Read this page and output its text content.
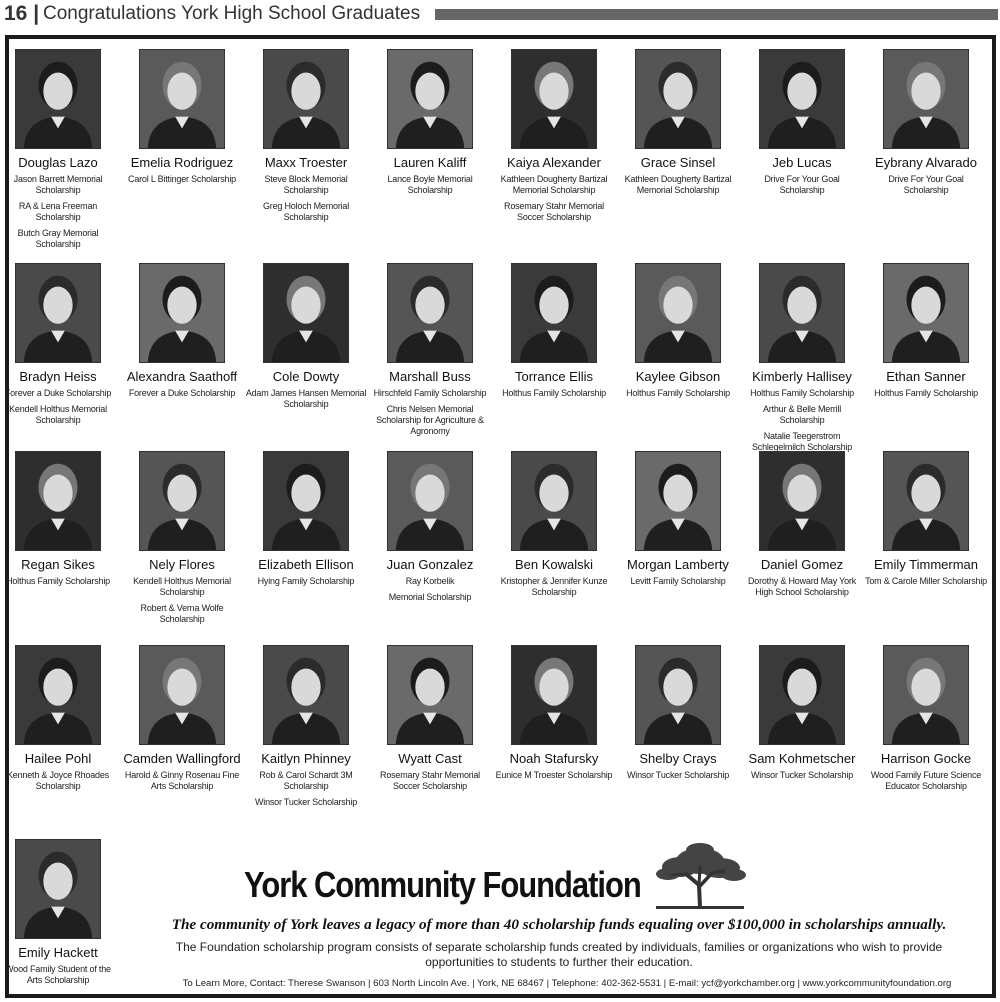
16 | Congratulations York High School Graduates
Douglas Lazo
Jason Barrett Memorial Scholarship
RA & Lena Freeman Scholarship
Butch Gray Memorial Scholarship
Emelia Rodriguez
Carol L Bittinger Scholarship
Maxx Troester
Steve Block Memorial Scholarship
Greg Holoch Memorial Scholarship
Lauren Kaliff
Lance Boyle Memorial Scholarship
Kaiya Alexander
Kathleen Dougherty Bartizal Memorial Scholarship
Rosemary Stahr Memorial Soccer Scholarship
Grace Sinsel
Kathleen Dougherty Bartizal Memorial Scholarship
Jeb Lucas
Drive For Your Goal Scholarship
Eybrany Alvarado
Drive For Your Goal Scholarship
Bradyn Heiss
Forever a Duke Scholarship
Kendell Holthus Memorial Scholarship
Alexandra Saathoff
Forever a Duke Scholarship
Cole Dowty
Adam James Hansen Memorial Scholarship
Marshall Buss
Hirschfeld Family Scholarship
Chris Nelsen Memorial Scholarship for Agriculture & Agronomy
Torrance Ellis
Holthus Family Scholarship
Kaylee Gibson
Holthus Family Scholarship
Kimberly Hallisey
Holthus Family Scholarship
Arthur & Belle Merrill Scholarship
Natalie Teegerstrom Schlegelmilch Scholarship
Ethan Sanner
Holthus Family Scholarship
Regan Sikes
Holthus Family Scholarship
Nely Flores
Kendell Holthus Memorial Scholarship
Robert & Verna Wolfe Scholarship
Elizabeth Ellison
Hying Family Scholarship
Juan Gonzalez
Ray Korbelik
Memorial Scholarship
Ben Kowalski
Kristopher & Jennifer Kunze Scholarship
Morgan Lamberty
Levitt Family Scholarship
Daniel Gomez
Dorothy & Howard May York High School Scholarship
Emily Timmerman
Tom & Carole Miller Scholarship
Hailee Pohl
Kenneth & Joyce Rhoades Scholarship
Camden Wallingford
Harold & Ginny Rosenau Fine Arts Scholarship
Kaitlyn Phinney
Rob & Carol Schardt 3M Scholarship
Winsor Tucker Scholarship
Wyatt Cast
Rosemary Stahr Memorial Soccer Scholarship
Noah Stafursky
Eunice M Troester Scholarship
Shelby Crays
Winsor Tucker Scholarship
Sam Kohmetscher
Winsor Tucker Scholarship
Harrison Gocke
Wood Family Future Science Educator Scholarship
Emily Hackett
Wood Family Student of the Arts Scholarship
York Community Foundation
The community of York leaves a legacy of more than 40 scholarship funds equaling over $100,000 in scholarships annually.
The Foundation scholarship program consists of separate scholarship funds created by individuals, families or organizations who wish to provide opportunities to students to further their education.
To Learn More, Contact: Therese Swanson | 603 North Lincoln Ave. | York, NE 68467 | Telephone: 402-362-5531 | E-mail: ycf@yorkchamber.org | www.yorkcommunityfoundation.org
